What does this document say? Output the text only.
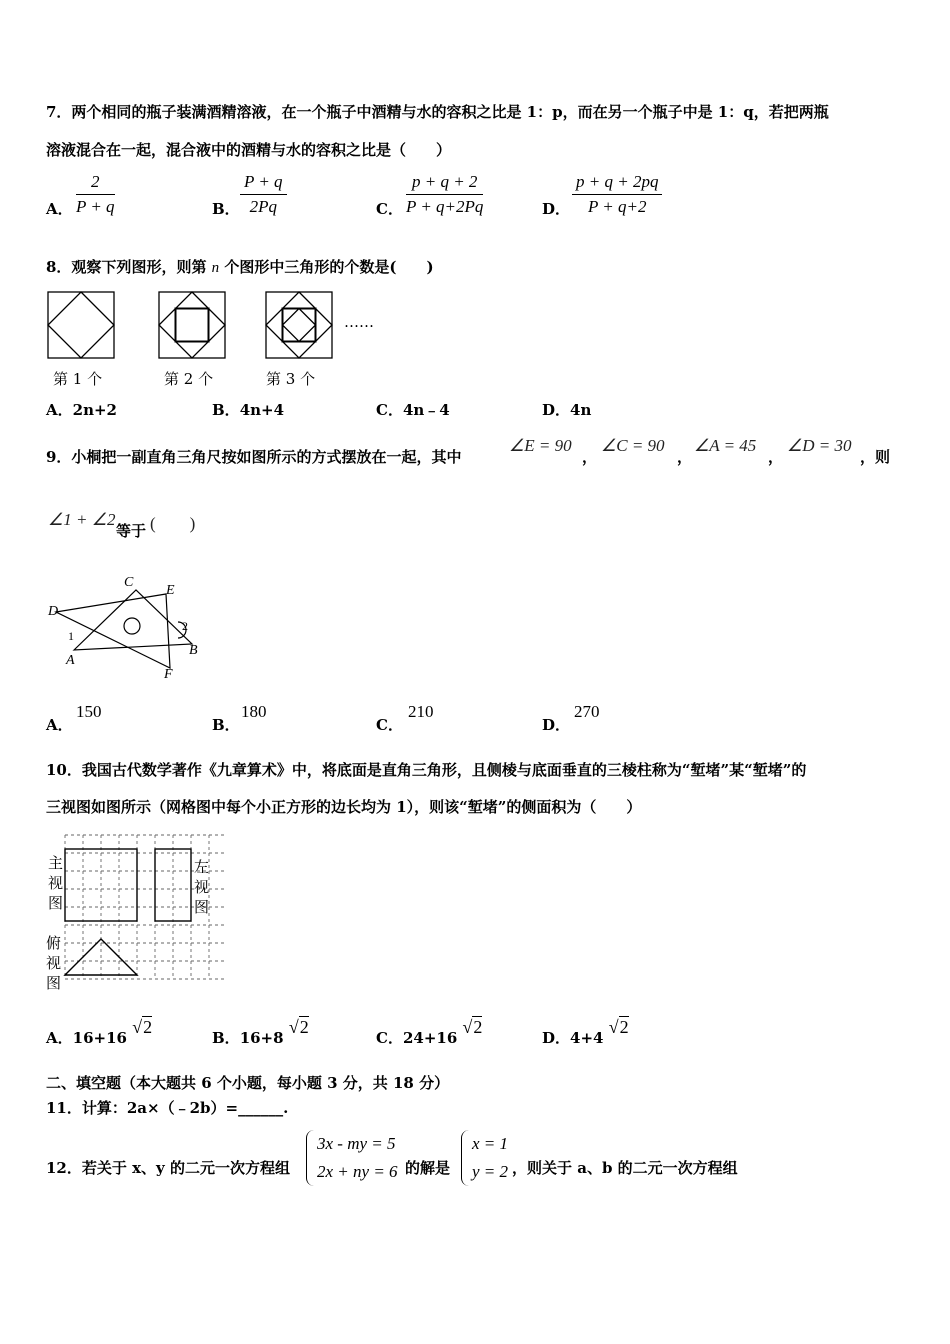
7．两个相同的瓶子装满酒精溶液，在一个瓶子中酒精与水的容积之比是 1：p，而在另一个瓶子中是 1：q，若把两瓶
溶液混合在一起，混合液中的酒精与水的容积之比是（　　）
A． $\frac{2}{P + q}$	B． $\frac{P + q}{2Pq}$	C． $\frac{p + q + 2}{P + q+2Pq}$	D． $\frac{p + q + 2pq}{P + q+2}$
8．观察下列图形，则第 n 个图形中三角形的个数是(　　)
……
第 1 个	第 2 个	第 3 个
A．2n+2	B．4n+4	C．4n﹣4	D．4n
9．小桐把一副直角三角尺按如图所示的方式摆放在一起，其中
∠E = 90
，
∠C = 90
，
∠A = 45
，
∠D = 30
，则
∠1 + ∠2
等于 (　　)
C
E
D
A
B
F
1
2
A．
150
B．
180
C．
210
D．
270
10．我国古代数学著作《九章算术》中，将底面是直角三角形，且侧棱与底面垂直的三棱柱称为“堑堵”某“堑堵”的
三视图如图所示（网格图中每个小正方形的边长均为 1），则该“堑堵”的侧面积为（　　）
主
视
图
左
视
图
俯
视
图
A．16+16 √2
B．16+8 √2
C．24+16 √2
D．4+4 √2
二、填空题（本大题共 6 个小题，每小题 3 分，共 18 分）
11．计算：2a×（﹣2b）=______.
12．若关于 x、y 的二元一次方程组
3x - my = 5
2x + ny = 6 的解是
x = 1
y = 2 ，则关于 a、b 的二元一次方程组
